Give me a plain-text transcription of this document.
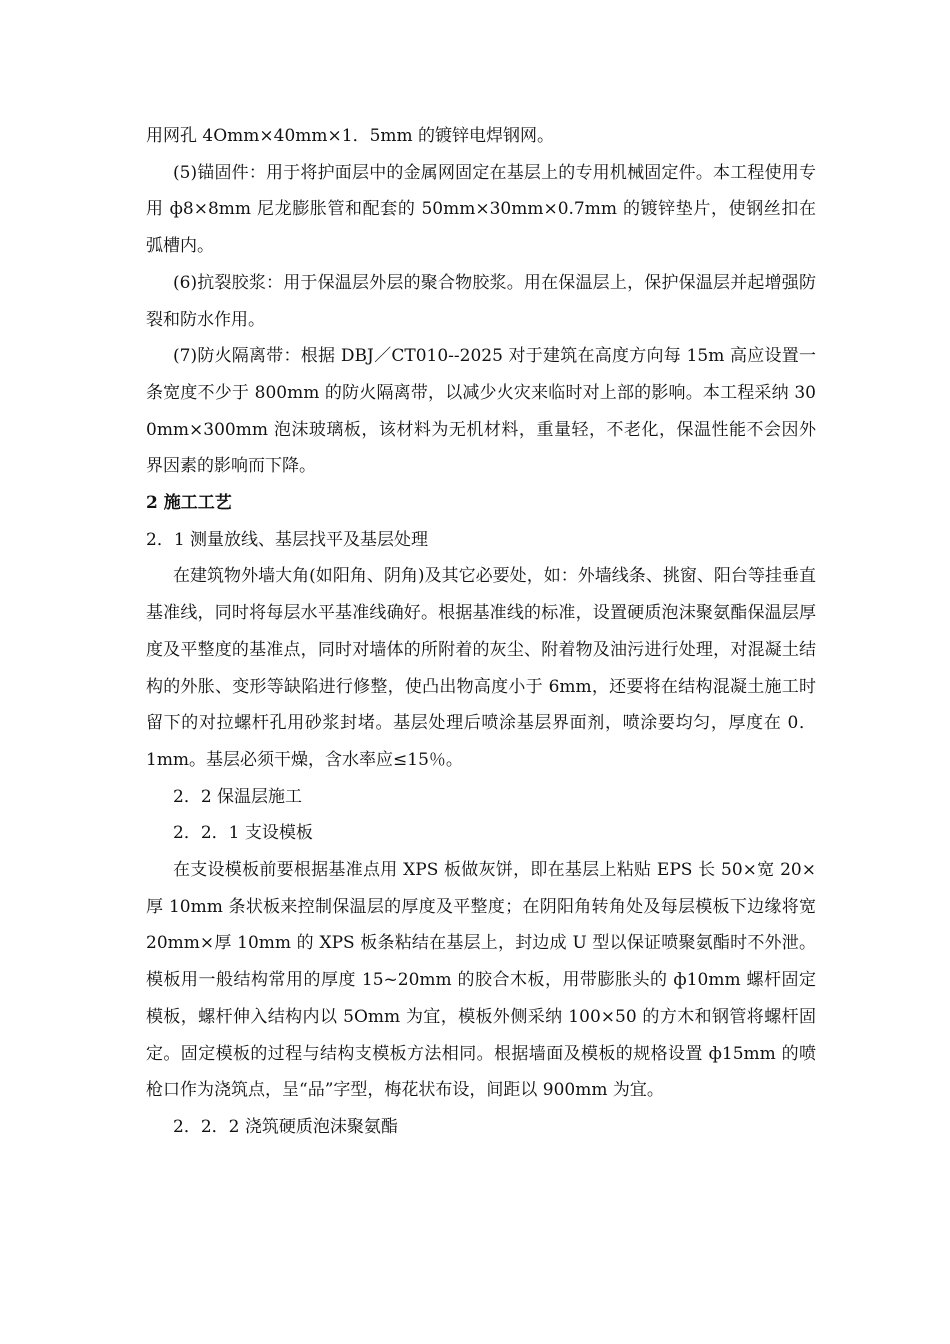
用网孔 4Omm×40mm×1．5mm 的镀锌电焊钢网。

(5)锚固件：用于将护面层中的金属网固定在基层上的专用机械固定件。本工程使用专用 ф8×8mm 尼龙膨胀管和配套的 50mm×30mm×0.7mm 的镀锌垫片，使钢丝扣在弧槽内。

(6)抗裂胶浆：用于保温层外层的聚合物胶浆。用在保温层上，保护保温层并起增强防裂和防水作用。

(7)防火隔离带：根据 DBJ／CT010--2025 对于建筑在高度方向每 15m 高应设置一条宽度不少于 800mm 的防火隔离带，以减少火灾来临时对上部的影响。本工程采纳 300mm×300mm 泡沫玻璃板，该材料为无机材料，重量轻，不老化，保温性能不会因外界因素的影响而下降。

2 施工工艺

2．1 测量放线、基层找平及基层处理

在建筑物外墙大角(如阳角、阴角)及其它必要处，如：外墙线条、挑窗、阳台等挂垂直基准线，同时将每层水平基准线确好。根据基准线的标准，设置硬质泡沫聚氨酯保温层厚度及平整度的基准点，同时对墙体的所附着的灰尘、附着物及油污进行处理，对混凝土结构的外胀、变形等缺陷进行修整，使凸出物高度小于 6mm，还要将在结构混凝土施工时留下的对拉螺杆孔用砂浆封堵。基层处理后喷涂基层界面剂，喷涂要均匀，厚度在 0．1mm。基层必须干燥，含水率应≤15％。

2．2 保温层施工

2．2．1 支设模板

在支设模板前要根据基准点用 XPS 板做灰饼，即在基层上粘贴 EPS 长 50×宽 20×厚 10mm 条状板来控制保温层的厚度及平整度；在阴阳角转角处及每层模板下边缘将宽 20mm×厚 10mm 的 XPS 板条粘结在基层上，封边成 U 型以保证喷聚氨酯时不外泄。模板用一般结构常用的厚度 15~20mm 的胶合木板，用带膨胀头的 ф10mm 螺杆固定模板，螺杆伸入结构内以 5Omm 为宜，模板外侧采纳 100×50 的方木和钢管将螺杆固定。固定模板的过程与结构支模板方法相同。根据墙面及模板的规格设置 ф15mm 的喷枪口作为浇筑点，呈“品”字型，梅花状布设，间距以 900mm 为宜。

2．2．2 浇筑硬质泡沫聚氨酯
